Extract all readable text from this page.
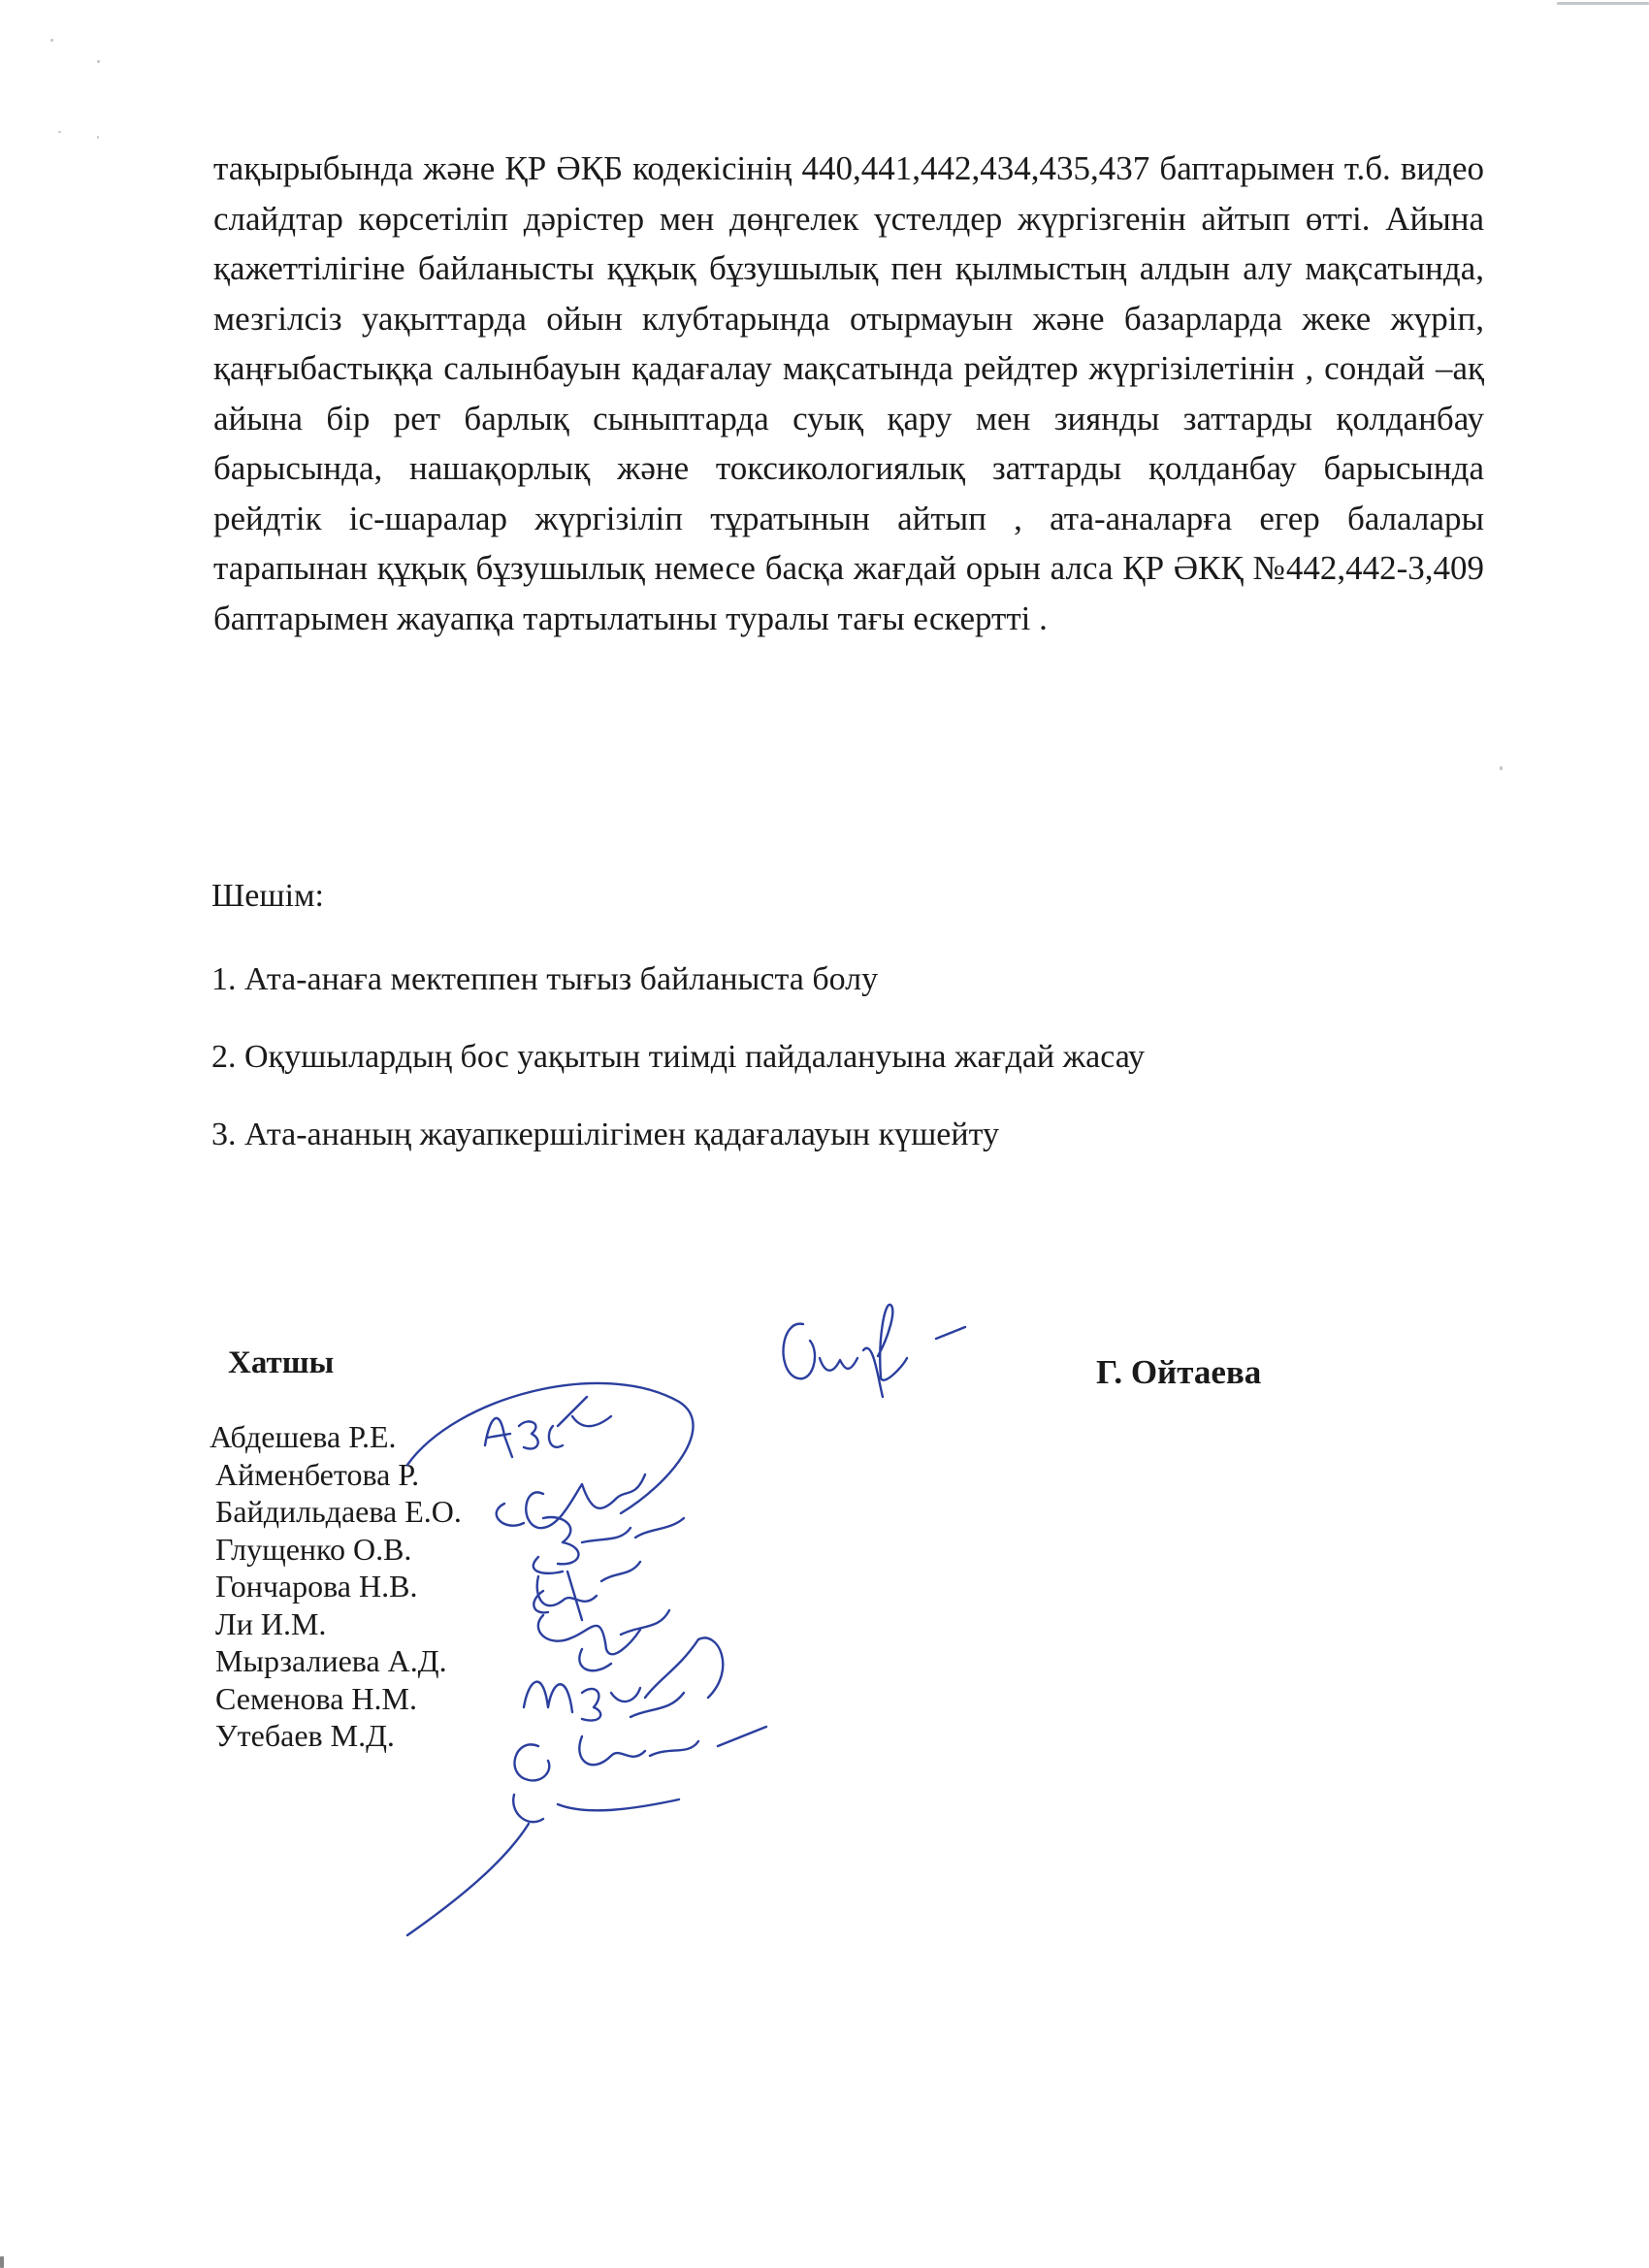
тақырыбында және ҚР ӘҚБ кодекісінің 440,441,442,434,435,437 баптарымен т.б. видео слайдтар көрсетіліп дәрістер мен дөңгелек үстелдер жүргізгенін айтып өтті. Айына қажеттілігіне байланысты құқық бұзушылық пен қылмыстың алдын алу мақсатында, мезгілсіз уақыттарда ойын клубтарында отырмауын және базарларда жеке жүріп, қаңғыбастыққа салынбауын қадағалау мақсатында рейдтер жүргізілетінін , сондай –ақ айына бір рет барлық сыныптарда суық қару мен зиянды заттарды қолданбау барысында, нашақорлық және токсикологиялық заттарды қолданбау барысында рейдтік іс-шаралар жүргізіліп тұратынын айтып , ата-аналарға егер балалары тарапынан құқық бұзушылық немесе басқа жағдай орын алса ҚР ӘКҚ №442,442-3,409 баптарымен жауапқа тартылатыны туралы тағы ескертті .

Шешім:

1. Ата-анаға мектеппен тығыз байланыста болу
2. Оқушылардың бос уақытын тиімді пайдалануына жағдай жасау
3. Ата-ананың жауапкершілігімен қадағалауын күшейту

Хатшы	Г. Ойтаева

Абдешева Р.Е.
Айменбетова Р.
Байдильдаева Е.О.
Глущенко О.В.
Гончарова Н.В.
Ли И.М.
Мырзалиева А.Д.
Семенова Н.М.
Утебаев М.Д.
